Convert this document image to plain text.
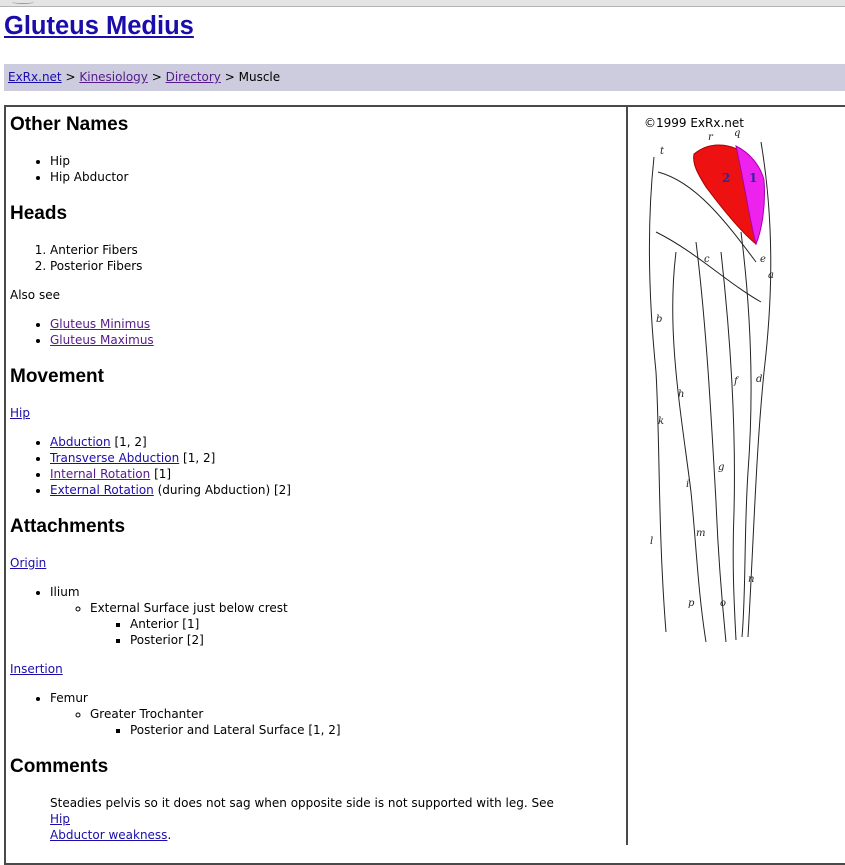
Gluteus Medius
ExRx.net > Kinesiology > Directory > Muscle
Other Names
• Hip
• Hip Abductor
Heads
1. Anterior Fibers
2. Posterior Fibers
Also see
• Gluteus Minimus
• Gluteus Maximus
Movement
Hip
• Abduction [1, 2]
• Transverse Abduction [1, 2]
• Internal Rotation [1]
• External Rotation (during Abduction) [2]
Attachments
Origin
• Ilium
◦ External Surface just below crest
▪ Anterior [1]
▪ Posterior [2]
Insertion
• Femur
◦ Greater Trochanter
▪ Posterior and Lateral Surface [1, 2]
Comments
Steadies pelvis so it does not sag when opposite side is not supported with leg. See Hip
Abductor weakness.
©1999 ExRx.net
1
2
r q
t
c	e
a
b
d
f
h
i
g
k
l
m
n
o
p
